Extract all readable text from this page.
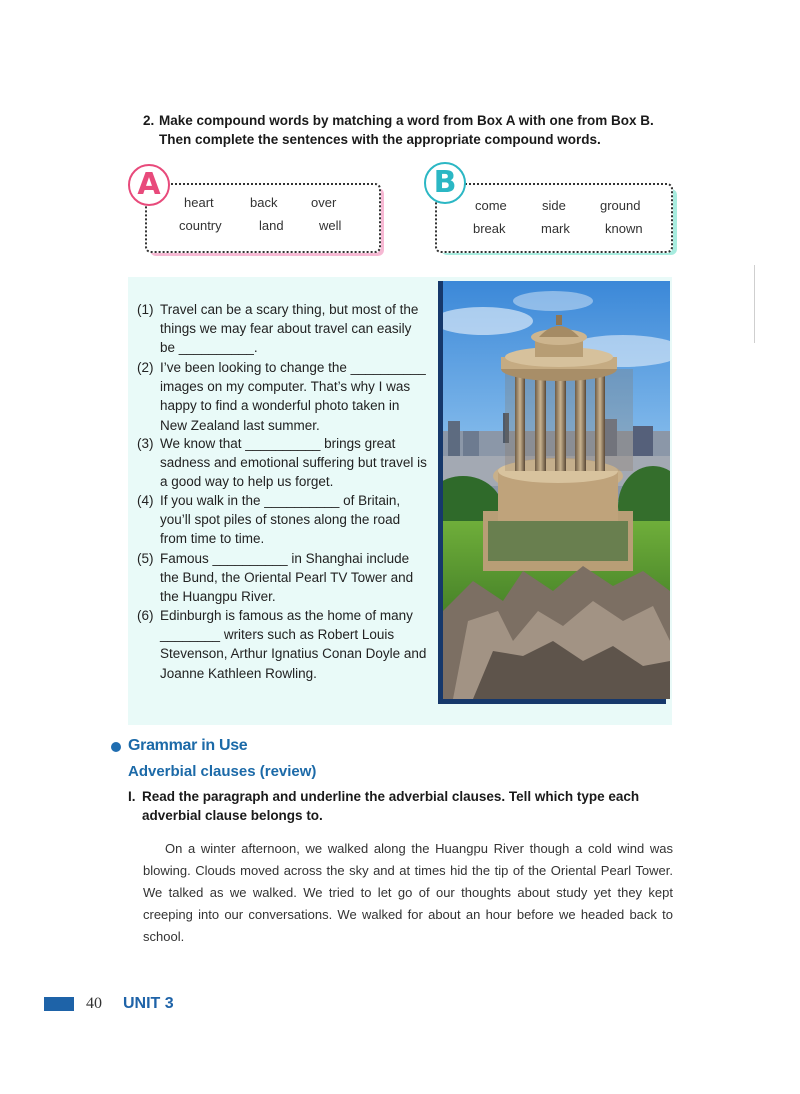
2. Make compound words by matching a word from Box A with one from Box B. Then complete the sentences with the appropriate compound words.
heart	back	over
country	land	well
A
come	side	ground
break	mark	known
B
(1) Travel can be a scary thing, but most of the things we may fear about travel can easily be __________.
(2) I’ve been looking to change the __________ images on my computer. That’s why I was happy to find a wonderful photo taken in New Zealand last summer.
(3) We know that __________ brings great sadness and emotional suffering but travel is a good way to help us forget.
(4) If you walk in the __________ of Britain, you’ll spot piles of stones along the road from time to time.
(5) Famous __________ in Shanghai include the Bund, the Oriental Pearl TV Tower and the Huangpu River.
(6) Edinburgh is famous as the home of many ________ writers such as Robert Louis Stevenson, Arthur Ignatius Conan Doyle and Joanne Kathleen Rowling.
Grammar in Use
Adverbial clauses (review)
I. Read the paragraph and underline the adverbial clauses. Tell which type each adverbial clause belongs to.
On a winter afternoon, we walked along the Huangpu River though a cold wind was blowing. Clouds moved across the sky and at times hid the tip of the Oriental Pearl Tower. We talked as we walked. We tried to let go of our thoughts about study yet they kept creeping into our conversations. We walked for about an hour before we headed back to school.
40 UNIT 3
